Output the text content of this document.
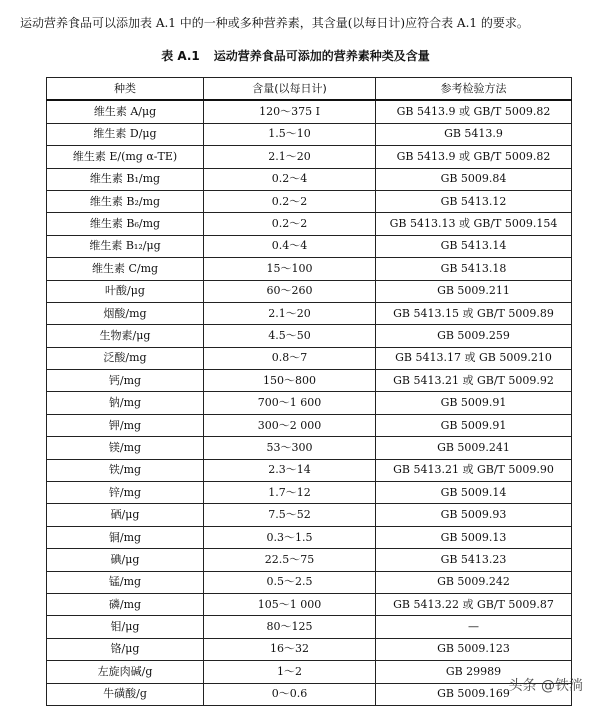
运动营养食品可以添加表 A.1 中的一种或多种营养素，其含量(以每日计)应符合表 A.1 的要求。
表 A.1 运动营养食品可添加的营养素种类及含量
种类	含量(以每日计)	参考检验方法
维生素 A/μg	120～375 Ⅰ	GB 5413.9 或 GB/T 5009.82
维生素 D/μg	1.5～10	GB 5413.9
维生素 E/(mg α-TE)	2.1～20	GB 5413.9 或 GB/T 5009.82
维生素 B₁/mg	0.2～4	GB 5009.84
维生素 B₂/mg	0.2～2	GB 5413.12
维生素 B₆/mg	0.2～2	GB 5413.13 或 GB/T 5009.154
维生素 B₁₂/μg	0.4～4	GB 5413.14
维生素 C/mg	15～100	GB 5413.18
叶酸/μg	60～260	GB 5009.211
烟酸/mg	2.1～20	GB 5413.15 或 GB/T 5009.89
生物素/μg	4.5～50	GB 5009.259
泛酸/mg	0.8～7	GB 5413.17 或 GB 5009.210
钙/mg	150～800	GB 5413.21 或 GB/T 5009.92
钠/mg	700～1 600	GB 5009.91
钾/mg	300～2 000	GB 5009.91
镁/mg	53～300	GB 5009.241
铁/mg	2.3～14	GB 5413.21 或 GB/T 5009.90
锌/mg	1.7～12	GB 5009.14
硒/μg	7.5～52	GB 5009.93
铜/mg	0.3～1.5	GB 5009.13
碘/μg	22.5～75	GB 5413.23
锰/mg	0.5～2.5	GB 5009.242
磷/mg	105～1 000	GB 5413.22 或 GB/T 5009.87
钼/μg	80～125	—
铬/μg	16～32	GB 5009.123
左旋肉碱/g	1～2	GB 29989
牛磺酸/g	0～0.6	GB 5009.169
头条 @铁淌
